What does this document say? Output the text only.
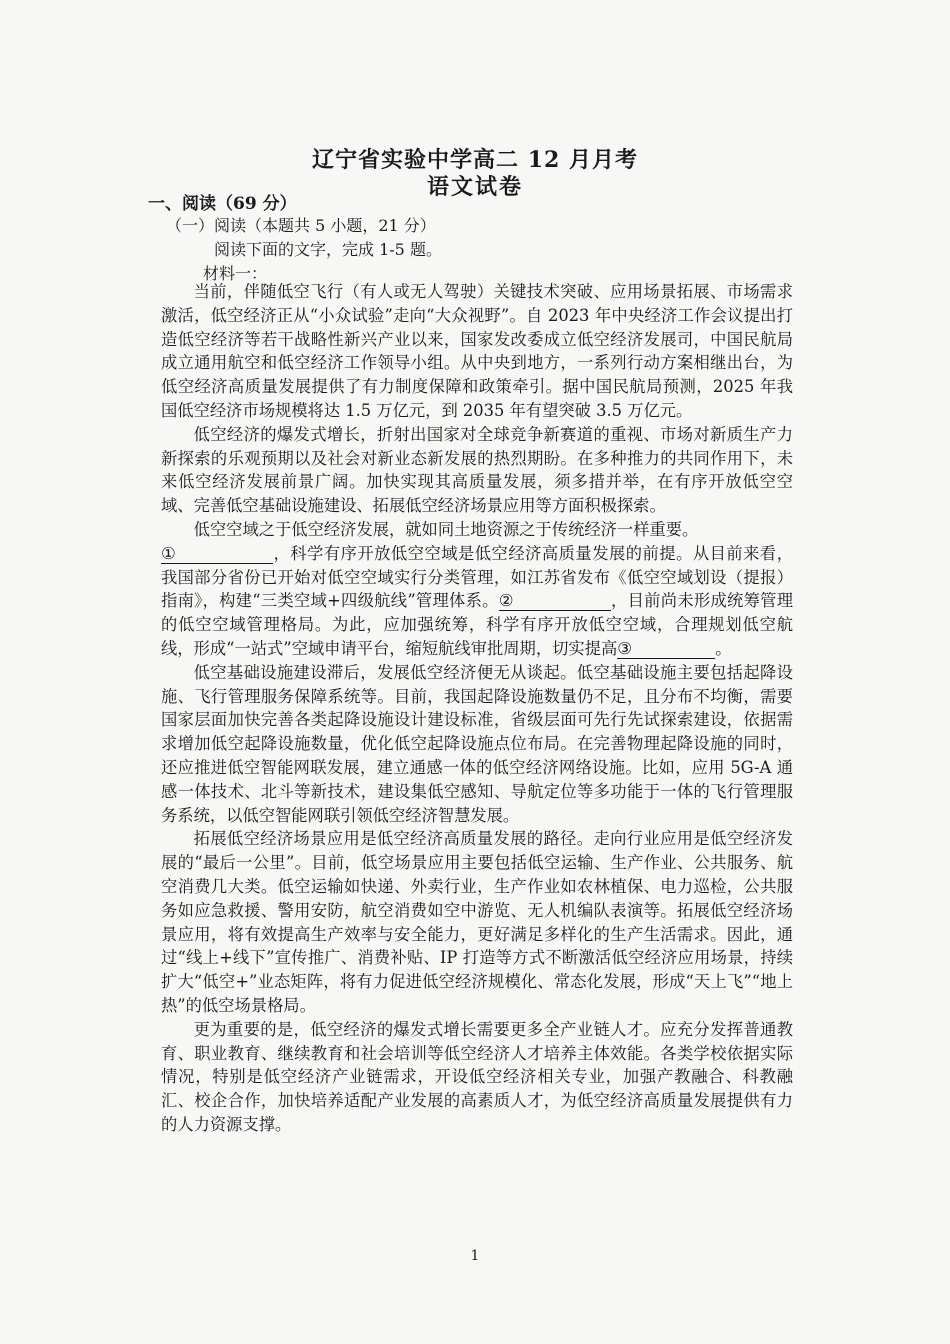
辽宁省实验中学高二 12 月月考
语文试卷
一、阅读（69 分）
（一）阅读（本题共 5 小题，21 分）
阅读下面的文字，完成 1-5 题。
材料一：

当前，伴随低空飞行（有人或无人驾驶）关键技术突破、应用场景拓展、市场需求激活，低空经济正从“小众试验”走向“大众视野”。自 2023 年中央经济工作会议提出打造低空经济等若干战略性新兴产业以来，国家发改委成立低空经济发展司，中国民航局成立通用航空和低空经济工作领导小组。从中央到地方，一系列行动方案相继出台，为低空经济高质量发展提供了有力制度保障和政策牵引。据中国民航局预测，2025 年我国低空经济市场规模将达 1.5 万亿元，到 2035 年有望突破 3.5 万亿元。

低空经济的爆发式增长，折射出国家对全球竞争新赛道的重视、市场对新质生产力新探索的乐观预期以及社会对新业态新发展的热烈期盼。在多种推力的共同作用下，未来低空经济发展前景广阔。加快实现其高质量发展，须多措并举，在有序开放低空空域、完善低空基础设施建设、拓展低空经济场景应用等方面积极探索。

低空空域之于低空经济发展，就如同土地资源之于传统经济一样重要。

①	，科学有序开放低空空域是低空经济高质量发展的前提。从目前来看，我国部分省份已开始对低空空域实行分类管理，如江苏省发布《低空空域划设（提报）指南》，构建“三类空域+四级航线”管理体系。②	，目前尚未形成统筹管理的低空空域管理格局。为此，应加强统筹，科学有序开放低空空域，合理规划低空航线，形成“一站式”空域申请平台，缩短航线审批周期，切实提高③	。

低空基础设施建设滞后，发展低空经济便无从谈起。低空基础设施主要包括起降设施、飞行管理服务保障系统等。目前，我国起降设施数量仍不足，且分布不均衡，需要国家层面加快完善各类起降设施设计建设标准，省级层面可先行先试探索建设，依据需求增加低空起降设施数量，优化低空起降设施点位布局。在完善物理起降设施的同时，还应推进低空智能网联发展，建立通感一体的低空经济网络设施。比如，应用 5G-A 通感一体技术、北斗等新技术，建设集低空感知、导航定位等多功能于一体的飞行管理服务系统，以低空智能网联引领低空经济智慧发展。

拓展低空经济场景应用是低空经济高质量发展的路径。走向行业应用是低空经济发展的“最后一公里”。目前，低空场景应用主要包括低空运输、生产作业、公共服务、航空消费几大类。低空运输如快递、外卖行业，生产作业如农林植保、电力巡检，公共服务如应急救援、警用安防，航空消费如空中游览、无人机编队表演等。拓展低空经济场景应用，将有效提高生产效率与安全能力，更好满足多样化的生产生活需求。因此，通过“线上+线下”宣传推广、消费补贴、IP 打造等方式不断激活低空经济应用场景，持续扩大“低空+”业态矩阵，将有力促进低空经济规模化、常态化发展，形成“天上飞”“地上热”的低空场景格局。

更为重要的是，低空经济的爆发式增长需要更多全产业链人才。应充分发挥普通教育、职业教育、继续教育和社会培训等低空经济人才培养主体效能。各类学校依据实际情况，特别是低空经济产业链需求，开设低空经济相关专业，加强产教融合、科教融汇、校企合作，加快培养适配产业发展的高素质人才，为低空经济高质量发展提供有力的人力资源支撑。

1
